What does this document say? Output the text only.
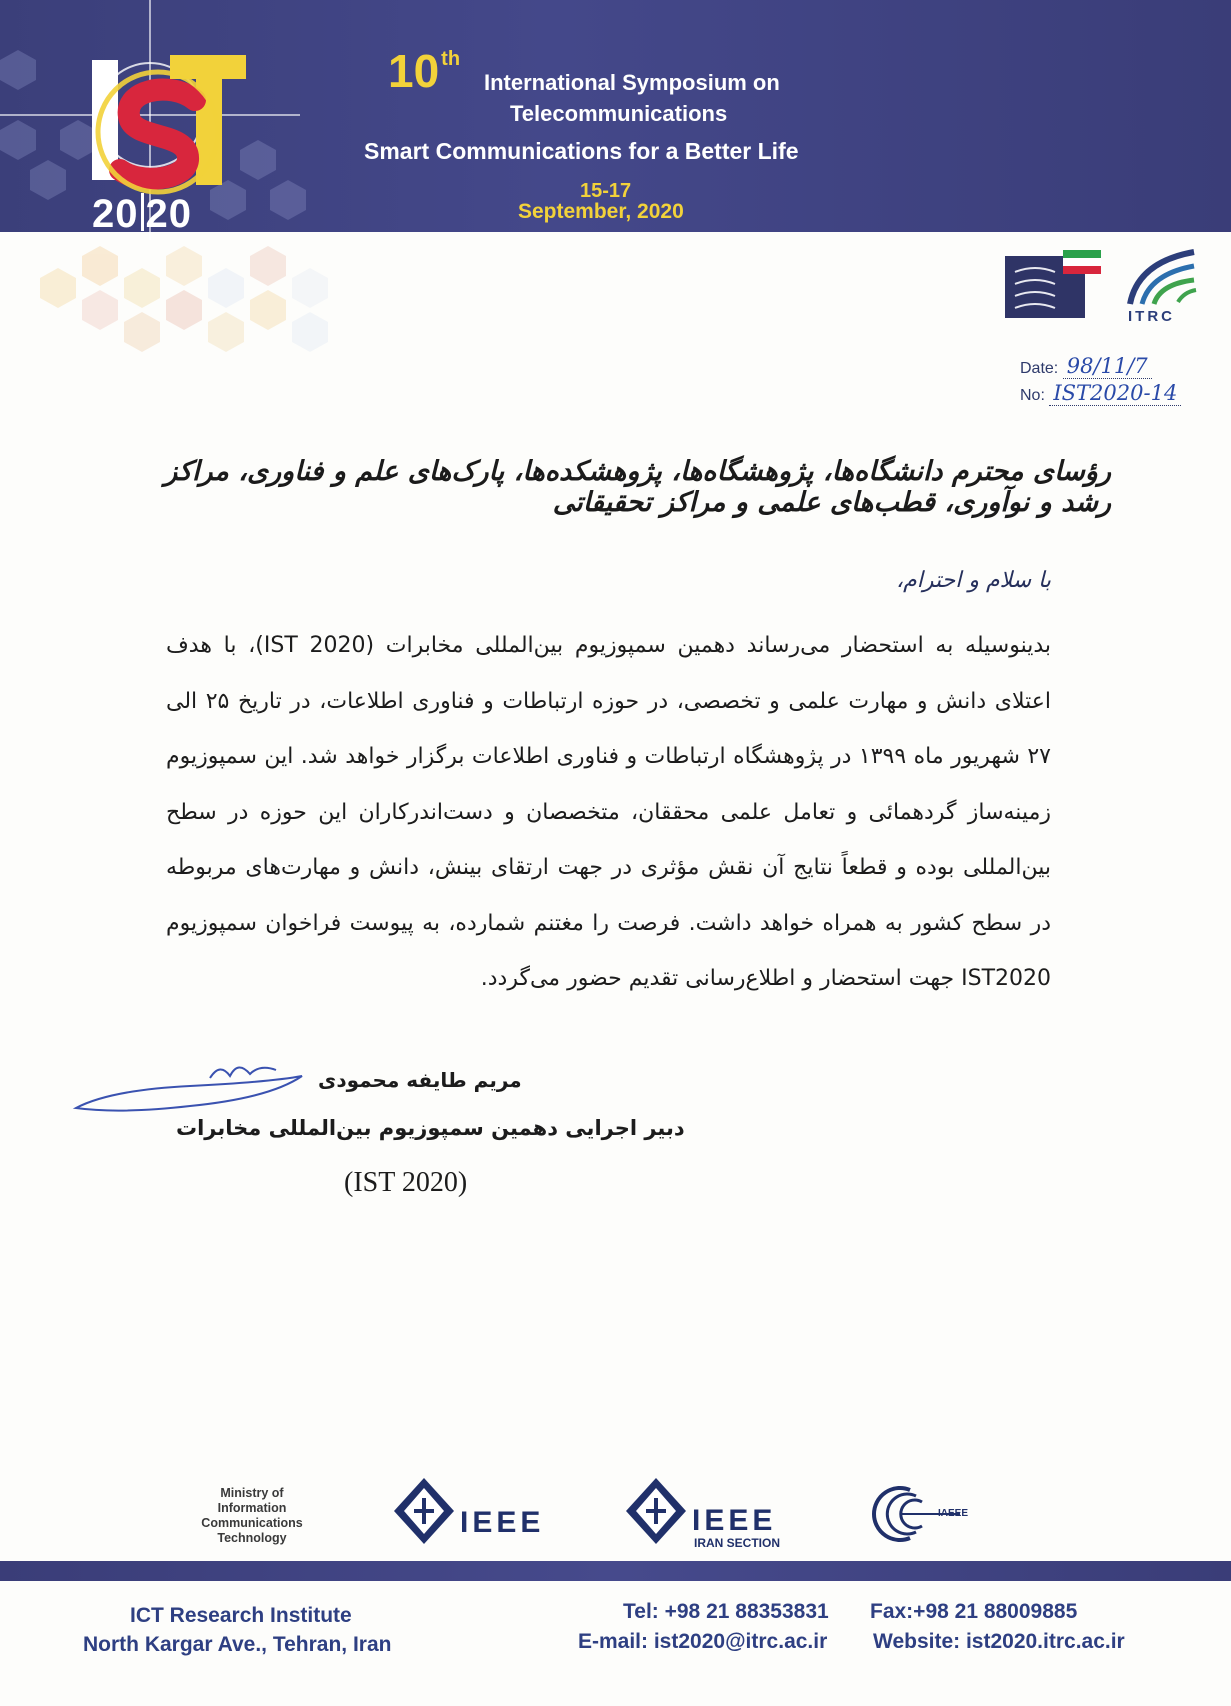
20 20
10 $^{th}$
International Symposium on
Telecommunications
Smart Communications for a Better Life
15-17
September, 2020
ITRC
Date: 98/11/7
No: IST2020-14
رؤسای محترم دانشگاه‌ها، پژوهشگاه‌ها، پژوهشکده‌ها، پارک‌های علم و فناوری، مراکز رشد و نوآوری، قطب‌های علمی و مراکز تحقیقاتی
با سلام و احترام،
بدینوسیله به استحضار می‌رساند دهمین سمپوزیوم بین‌المللی مخابرات (IST 2020)، با هدف اعتلای دانش و مهارت علمی و تخصصی، در حوزه ارتباطات و فناوری اطلاعات، در تاریخ ۲۵ الی ۲۷ شهریور ماه ۱۳۹۹ در پژوهشگاه ارتباطات و فناوری اطلاعات برگزار خواهد شد. این سمپوزیوم زمینه‌ساز گردهمائی و تعامل علمی محققان، متخصصان و دست‌اندرکاران این حوزه در سطح بین‌المللی بوده و قطعاً نتایج آن نقش مؤثری در جهت ارتقای بینش، دانش و مهارت‌های مربوطه در سطح کشور به همراه خواهد داشت. فرصت را مغتنم شمارده، به پیوست فراخوان سمپوزیوم IST2020 جهت استحضار و اطلاع‌رسانی تقدیم حضور می‌گردد.
مریم طایفه محمودی
دبیر اجرایی دهمین سمپوزیوم بین‌المللی مخابرات
(IST 2020)
Ministry of
Information
Communications
Technology	IEEE	IEEE
IRAN SECTION
IAEEE
ICT Research Institute
North Kargar Ave., Tehran, Iran
Tel: +98 21 88353831 Fax:+98 21 88009885
E-mail: ist2020@itrc.ac.ir Website: ist2020.itrc.ac.ir
